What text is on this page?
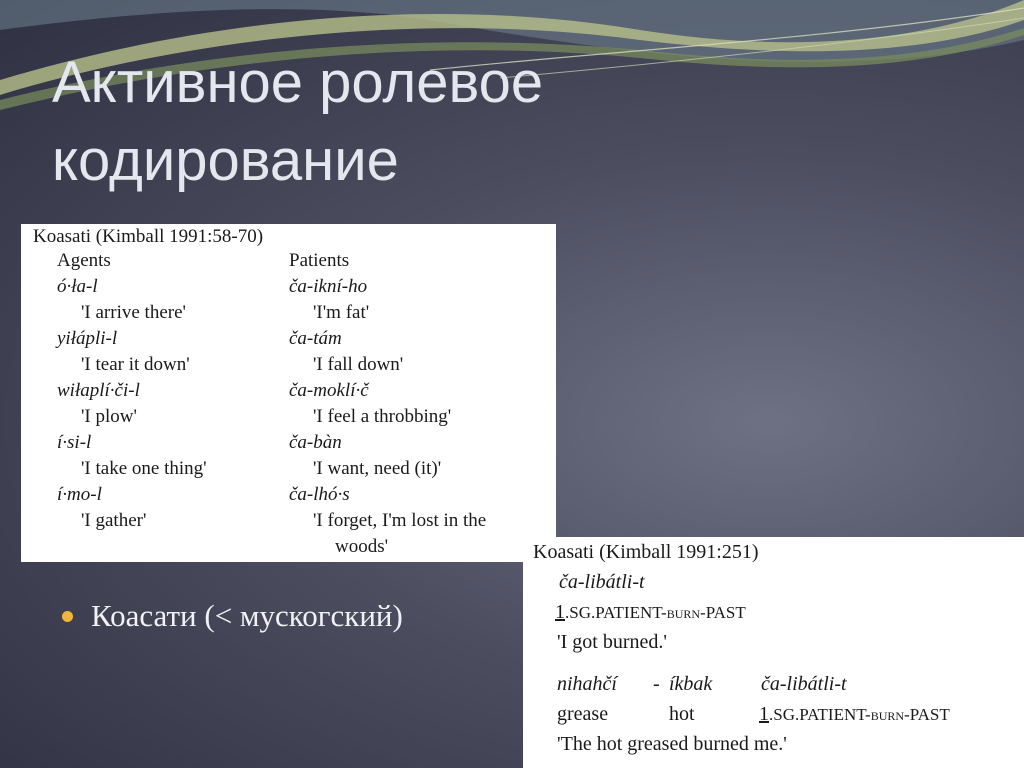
Активное ролевое
кодирование
Koasati (Kimball 1991:58-70)
Agents
ó·ła-l
'I arrive there'
yiłápli-l
'I tear it down'
wiłaplí·či-l
'I plow'
í·si-l
'I take one thing'
í·mo-l
'I gather'
Patients
ča-ikní-ho
'I'm fat'
ča-tám
'I fall down'
ča-moklí·č
'I feel a throbbing'
ča-bàn
'I want, need (it)'
ča-lhó·s
'I forget, I'm lost in the
woods'
Коасати (< мускогский)
Koasati (Kimball 1991:251)
ča-libátli-t
1.SG.PATIENT-burn-PAST
'I got burned.'
nihahčí - íkbak ča-libátli-t
grease	hot	1.SG.PATIENT-burn-PAST
'The hot greased burned me.'
